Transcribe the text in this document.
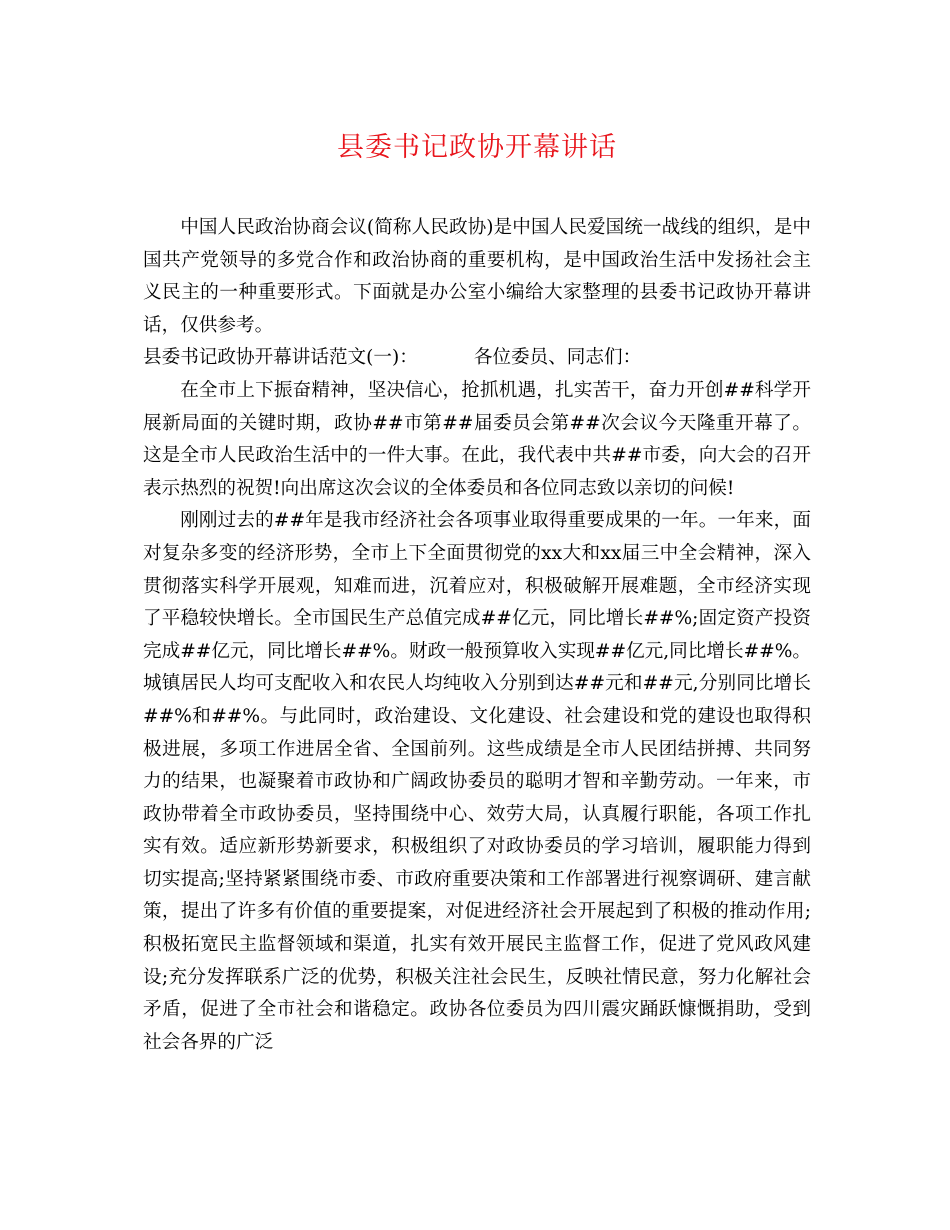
县委书记政协开幕讲话

中国人民政治协商会议(简称人民政协)是中国人民爱国统一战线的组织，是中国共产党领导的多党合作和政治协商的重要机构，是中国政治生活中发扬社会主义民主的一种重要形式。下面就是办公室小编给大家整理的县委书记政协开幕讲话，仅供参考。

县委书记政协开幕讲话范文(一)：	各位委员、同志们：

在全市上下振奋精神，坚决信心，抢抓机遇，扎实苦干，奋力开创##科学开展新局面的关键时期，政协##市第##届委员会第##次会议今天隆重开幕了。这是全市人民政治生活中的一件大事。在此，我代表中共##市委，向大会的召开表示热烈的祝贺!向出席这次会议的全体委员和各位同志致以亲切的问候!

刚刚过去的##年是我市经济社会各项事业取得重要成果的一年。一年来，面对复杂多变的经济形势，全市上下全面贯彻党的xx大和xx届三中全会精神，深入贯彻落实科学开展观，知难而进，沉着应对，积极破解开展难题，全市经济实现了平稳较快增长。全市国民生产总值完成##亿元，同比增长##%;固定资产投资完成##亿元，同比增长##%。财政一般预算收入实现##亿元,同比增长##%。城镇居民人均可支配收入和农民人均纯收入分别到达##元和##元,分别同比增长##%和##%。与此同时，政治建设、文化建设、社会建设和党的建设也取得积极进展，多项工作进居全省、全国前列。这些成绩是全市人民团结拼搏、共同努力的结果，也凝聚着市政协和广阔政协委员的聪明才智和辛勤劳动。一年来，市政协带着全市政协委员，坚持围绕中心、效劳大局，认真履行职能，各项工作扎实有效。适应新形势新要求，积极组织了对政协委员的学习培训，履职能力得到切实提高;坚持紧紧围绕市委、市政府重要决策和工作部署进行视察调研、建言献策，提出了许多有价值的重要提案，对促进经济社会开展起到了积极的推动作用;积极拓宽民主监督领域和渠道，扎实有效开展民主监督工作，促进了党风政风建设;充分发挥联系广泛的优势，积极关注社会民生，反映社情民意，努力化解社会矛盾，促进了全市社会和谐稳定。政协各位委员为四川震灾踊跃慷慨捐助，受到社会各界的广泛
